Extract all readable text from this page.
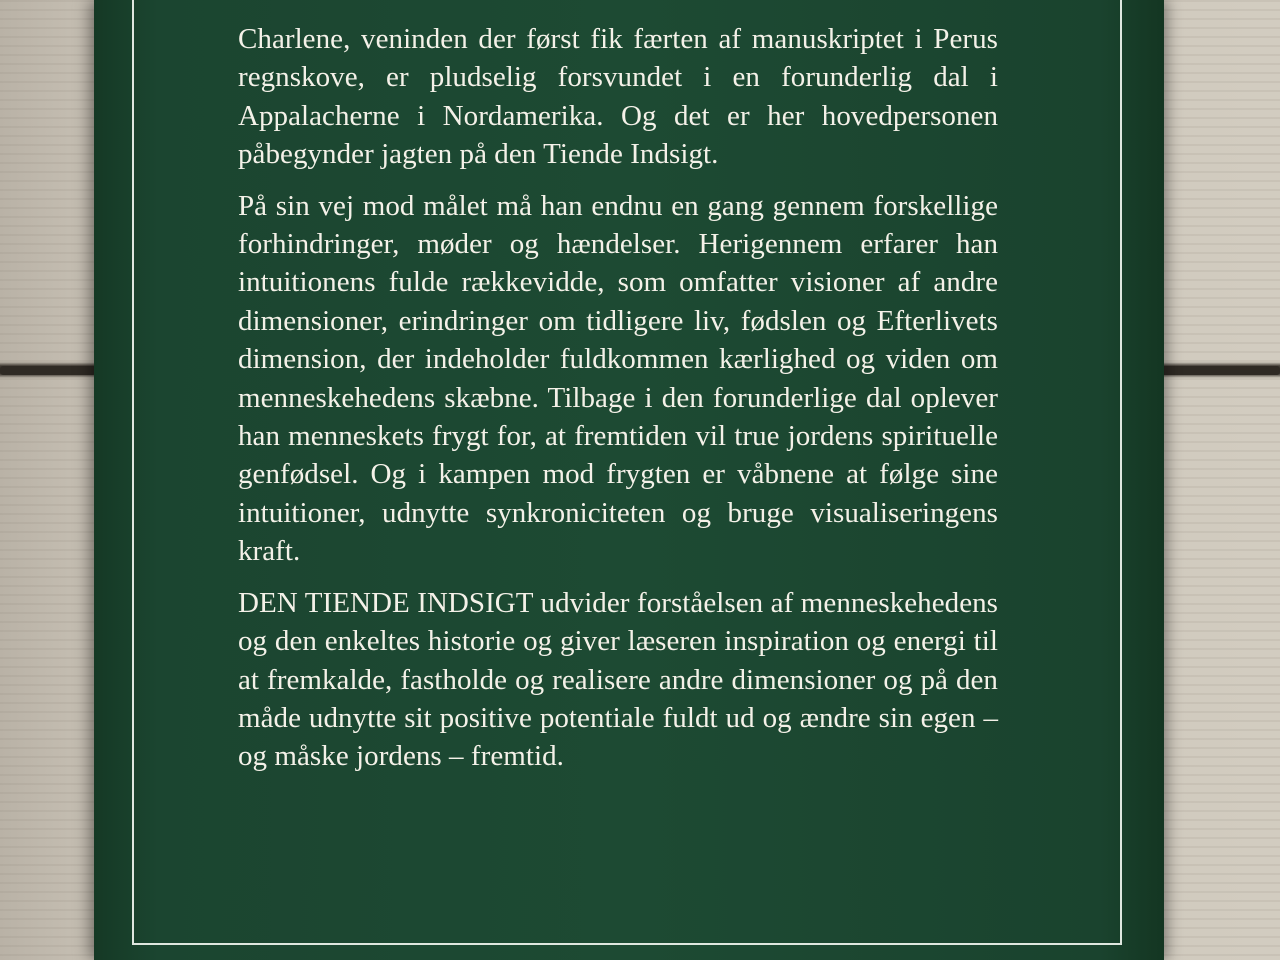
Charlene, veninden der først fik færten af manuskriptet i Perus regnskove, er pludselig forsvundet i en forunderlig dal i Appalacherne i Nordamerika. Og det er her hovedpersonen påbegynder jagten på den Tiende Indsigt.

På sin vej mod målet må han endnu en gang gennem forskellige forhindringer, møder og hændelser. Herigennem erfarer han intuitionens fulde rækkevidde, som omfatter visioner af andre dimensioner, erindringer om tidligere liv, fødslen og Efterlivets dimension, der indeholder fuldkommen kærlighed og viden om menneskehedens skæbne. Tilbage i den forunderlige dal oplever han menneskets frygt for, at fremtiden vil true jordens spirituelle genfødsel. Og i kampen mod frygten er våbnene at følge sine intuitioner, udnytte synkroniciteten og bruge visualiseringens kraft.

DEN TIENDE INDSIGT udvider forståelsen af menneskehedens og den enkeltes historie og giver læseren inspiration og energi til at fremkalde, fastholde og realisere andre dimensioner og på den måde udnytte sit positive potentiale fuldt ud og ændre sin egen – og måske jordens – fremtid.
